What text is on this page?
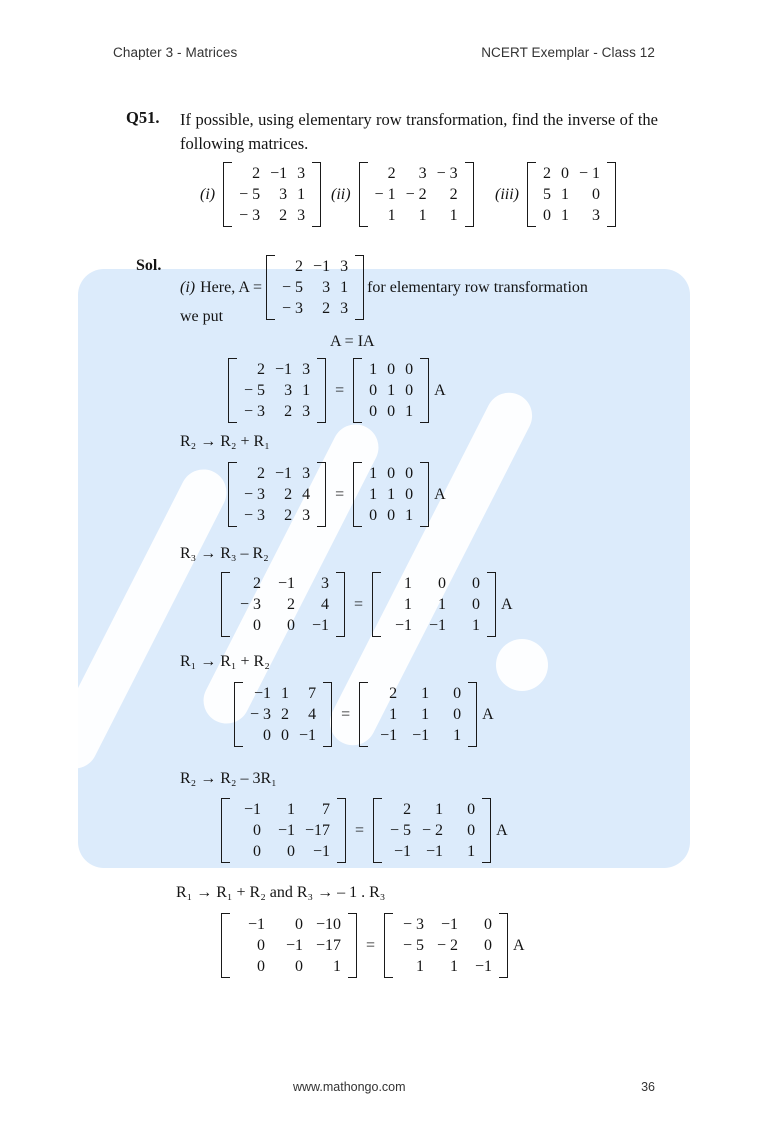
Chapter 3 - Matrices	NCERT Exemplar - Class 12
Q51. If possible, using elementary row transformation, find the inverse of the following matrices.
(i)
2 −1 3
− 5	3 1
− 3	2 3
(ii)
2	3 − 3
− 1 − 2	2
1	1	1
(iii)
2 0 − 1
5 1	0
0 1	3
Sol.
(i) Here, A =
2 −1 3
− 5	3 1
− 3	2 3
for elementary row transformation
we put
A = IA
2 −1 3
− 5	3 1
− 3	2 3
=
1 0 0
0 1 0
0 0 1
A
R₂ → R₂ + R₁
2 −1 3
− 3	2 4
− 3	2 3
=
1 0 0
1 1 0
0 0 1
A
R₃ → R₃ – R₂
2	−1	3
− 3	2	4
0	0	−1
=
1	0	0
1	1	0
−1	−1	1
A
R₁ → R₁ + R₂
−1 1	7
− 3 2	4
0 0 −1
=
2	1	0
1	1	0
−1 −1	1
A
R₂ → R₂ – 3R₁
−1	1	7
0	−1 −17
0	0	−1
=
2	1	0
− 5 − 2	0
−1 −1	1
A
R₁ → R₁ + R₂ and R₃ → – 1 . R₃
−1	0 −10
0	−1 −17
0	0	1
=
− 3	−1	0
− 5 − 2	0
1	1	−1
A
www.mathongo.com	36
